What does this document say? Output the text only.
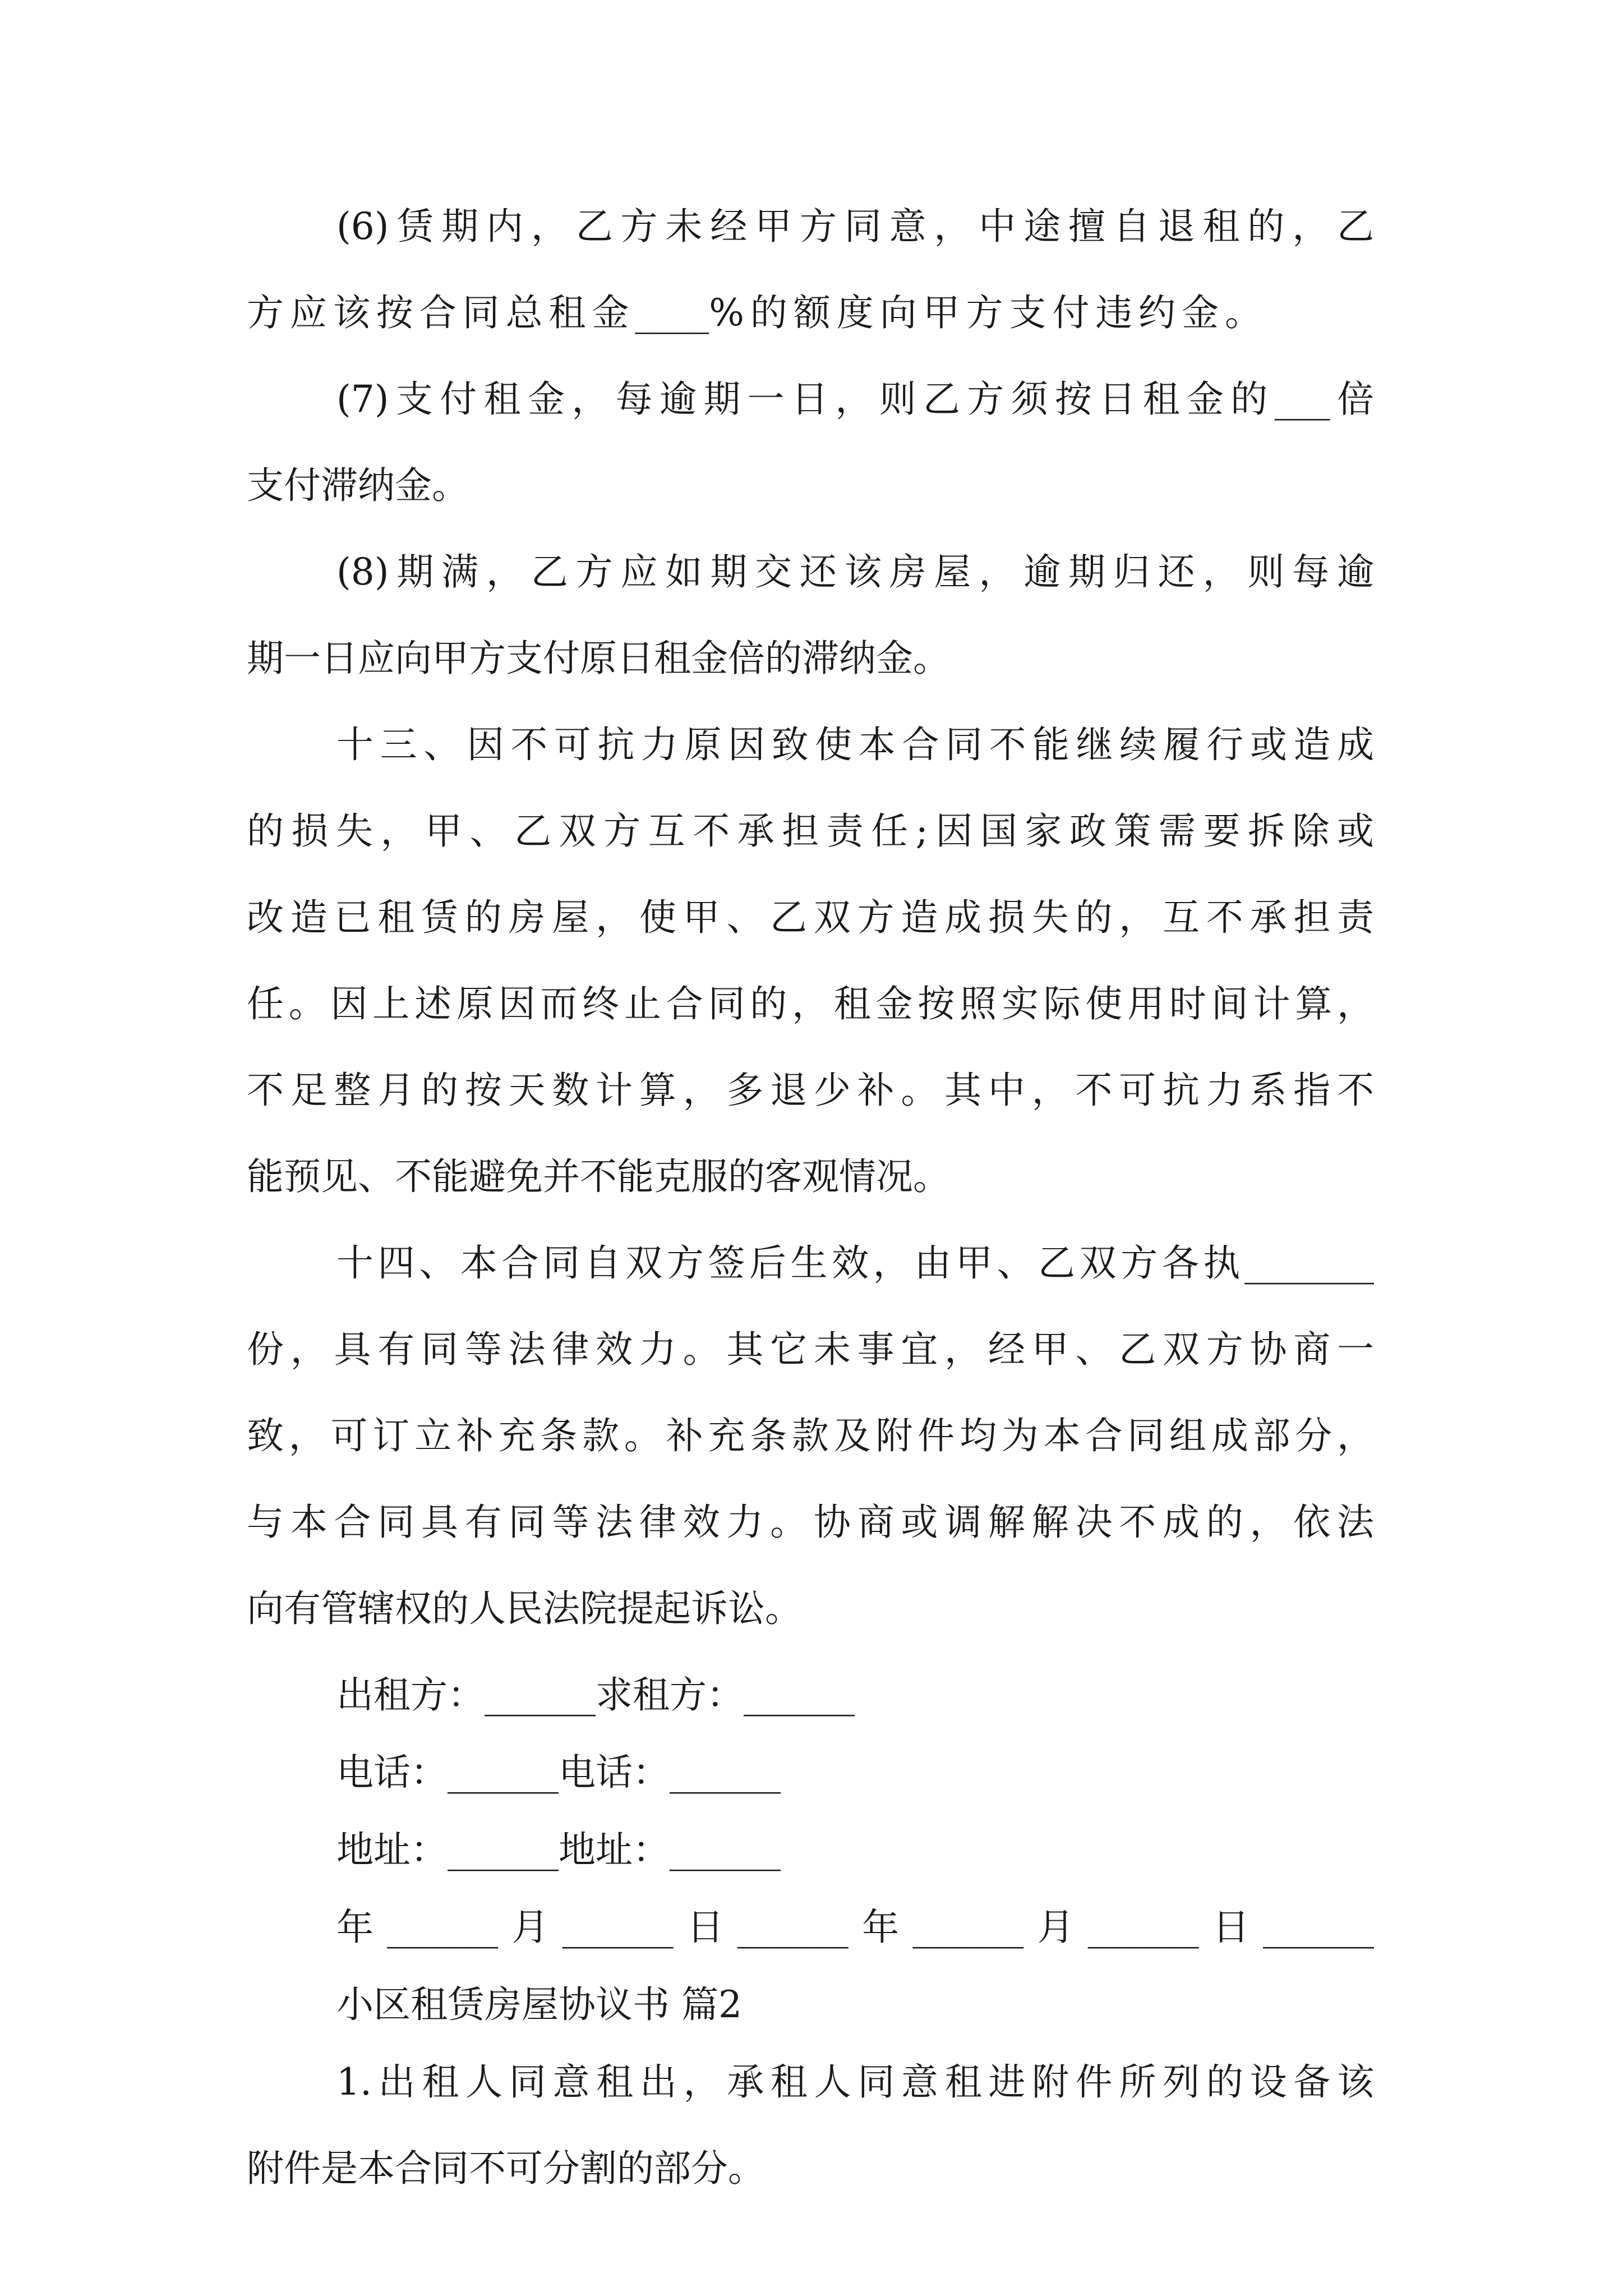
(6)赁期内，乙方未经甲方同意，中途擅自退租的，乙
方应该按合同总租金____%的额度向甲方支付违约金。
(7)支付租金，每逾期一日，则乙方须按日租金的___倍
支付滞纳金。
(8)期满，乙方应如期交还该房屋，逾期归还，则每逾
期一日应向甲方支付原日租金倍的滞纳金。
十三、因不可抗力原因致使本合同不能继续履行或造成
的损失，甲、乙双方互不承担责任;因国家政策需要拆除或
改造已租赁的房屋，使甲、乙双方造成损失的，互不承担责
任。因上述原因而终止合同的，租金按照实际使用时间计算，
不足整月的按天数计算，多退少补。其中，不可抗力系指不
能预见、不能避免并不能克服的客观情况。
十四、本合同自双方签后生效，由甲、乙双方各执_______
份，具有同等法律效力。其它未事宜，经甲、乙双方协商一
致，可订立补充条款。补充条款及附件均为本合同组成部分，
与本合同具有同等法律效力。协商或调解解决不成的，依法
向有管辖权的人民法院提起诉讼。
出租方：______求租方：______
电话：______电话：______
地址：______地址：______
年______月______日______年______月______日______
小区租赁房屋协议书 篇2
1.出租人同意租出，承租人同意租进附件所列的设备该
附件是本合同不可分割的部分。
